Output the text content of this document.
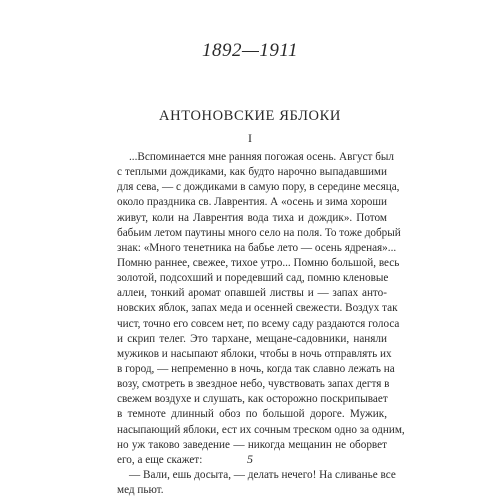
1892—1911
АНТОНОВСКИЕ ЯБЛОКИ
I
...Вспоминается мне ранняя погожая осень. Август был
с теплыми дождиками, как будто нарочно выпадавшими
для сева, — с дождиками в самую пору, в середине месяца,
около праздника св. Лаврентия. А «осень и зима хороши
живут, коли на Лаврентия вода тиха и дождик». Потом
бабьим летом паутины много село на поля. То тоже добрый
знак: «Много тенетника на бабье лето — осень ядреная»...
Помню раннее, свежее, тихое утро... Помню большой, весь
золотой, подсохший и поредевший сад, помню кленовые
аллеи, тонкий аромат опавшей листвы и — запах анто-
новских яблок, запах меда и осенней свежести. Воздух так
чист, точно его совсем нет, по всему саду раздаются голоса
и скрип телег. Это тархане, мещане-садовники, наняли
мужиков и насыпают яблоки, чтобы в ночь отправлять их
в город, — непременно в ночь, когда так славно лежать на
возу, смотреть в звездное небо, чувствовать запах дегтя в
свежем воздухе и слушать, как осторожно поскрипывает
в темноте длинный обоз по большой дороге. Мужик,
насыпающий яблоки, ест их сочным треском одно за одним,
но уж таково заведение — никогда мещанин не оборвет
его, а еще скажет:
— Вали, ешь досыта, — делать нечего! На сливанье все
мед пьют.
5
